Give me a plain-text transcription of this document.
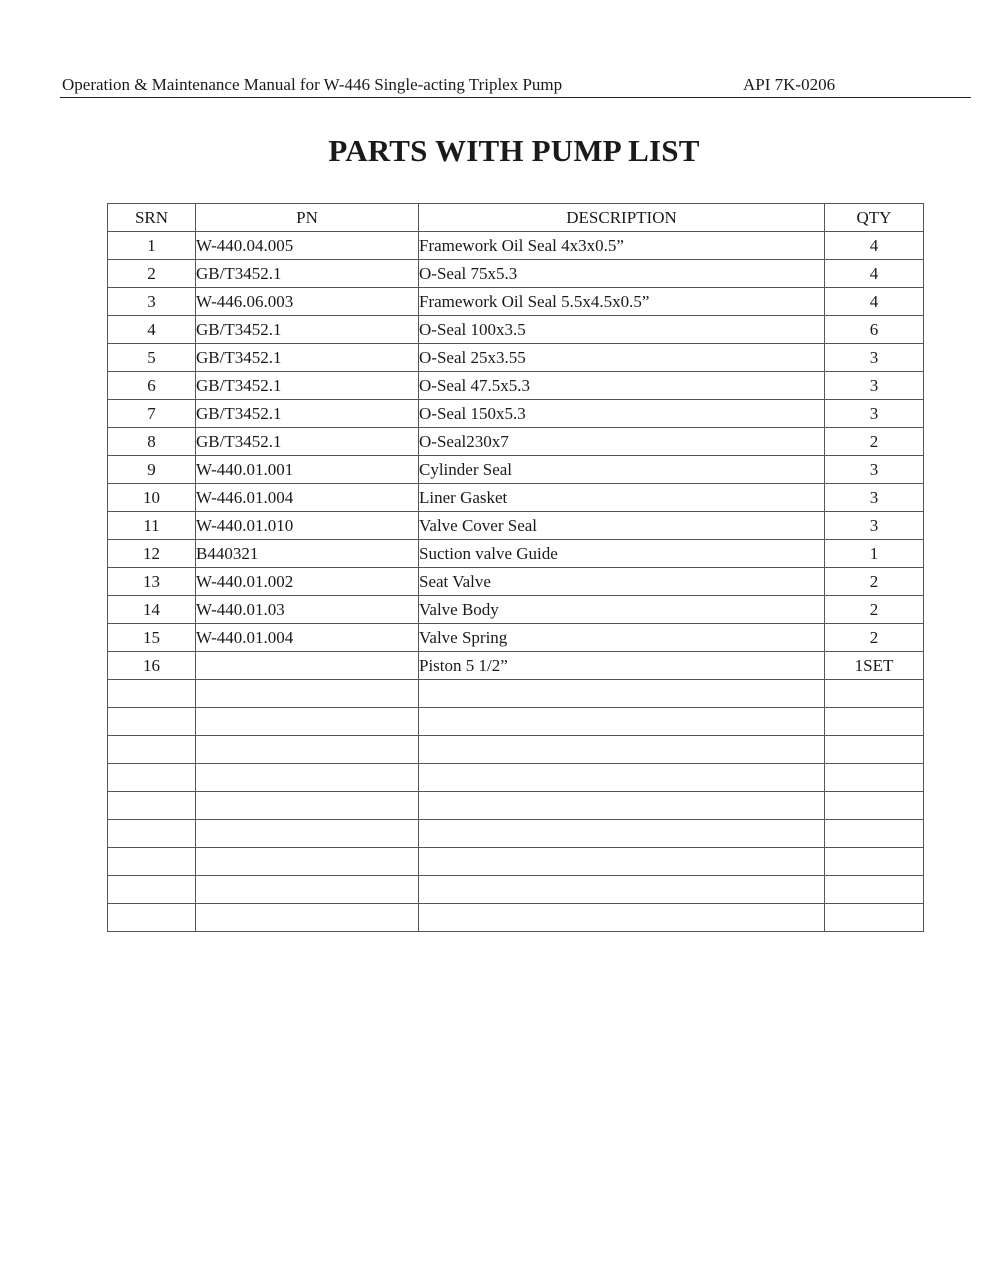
Operation & Maintenance Manual for W-446 Single-acting Triplex Pump	API 7K-0206
PARTS WITH PUMP LIST
SRN	PN	DESCRIPTION	QTY
1	W-440.04.005	Framework Oil Seal 4x3x0.5”	4
2	GB/T3452.1	O-Seal 75x5.3	4
3	W-446.06.003	Framework Oil Seal 5.5x4.5x0.5”	4
4	GB/T3452.1	O-Seal 100x3.5	6
5	GB/T3452.1	O-Seal 25x3.55	3
6	GB/T3452.1	O-Seal 47.5x5.3	3
7	GB/T3452.1	O-Seal 150x5.3	3
8	GB/T3452.1	O-Seal230x7	2
9	W-440.01.001	Cylinder Seal	3
10	W-446.01.004	Liner Gasket	3
11	W-440.01.010	Valve Cover Seal	3
12	B440321	Suction valve Guide	1
13	W-440.01.002	Seat Valve	2
14	W-440.01.03	Valve Body	2
15	W-440.01.004	Valve Spring	2
16		Piston 5 1/2”	1SET
